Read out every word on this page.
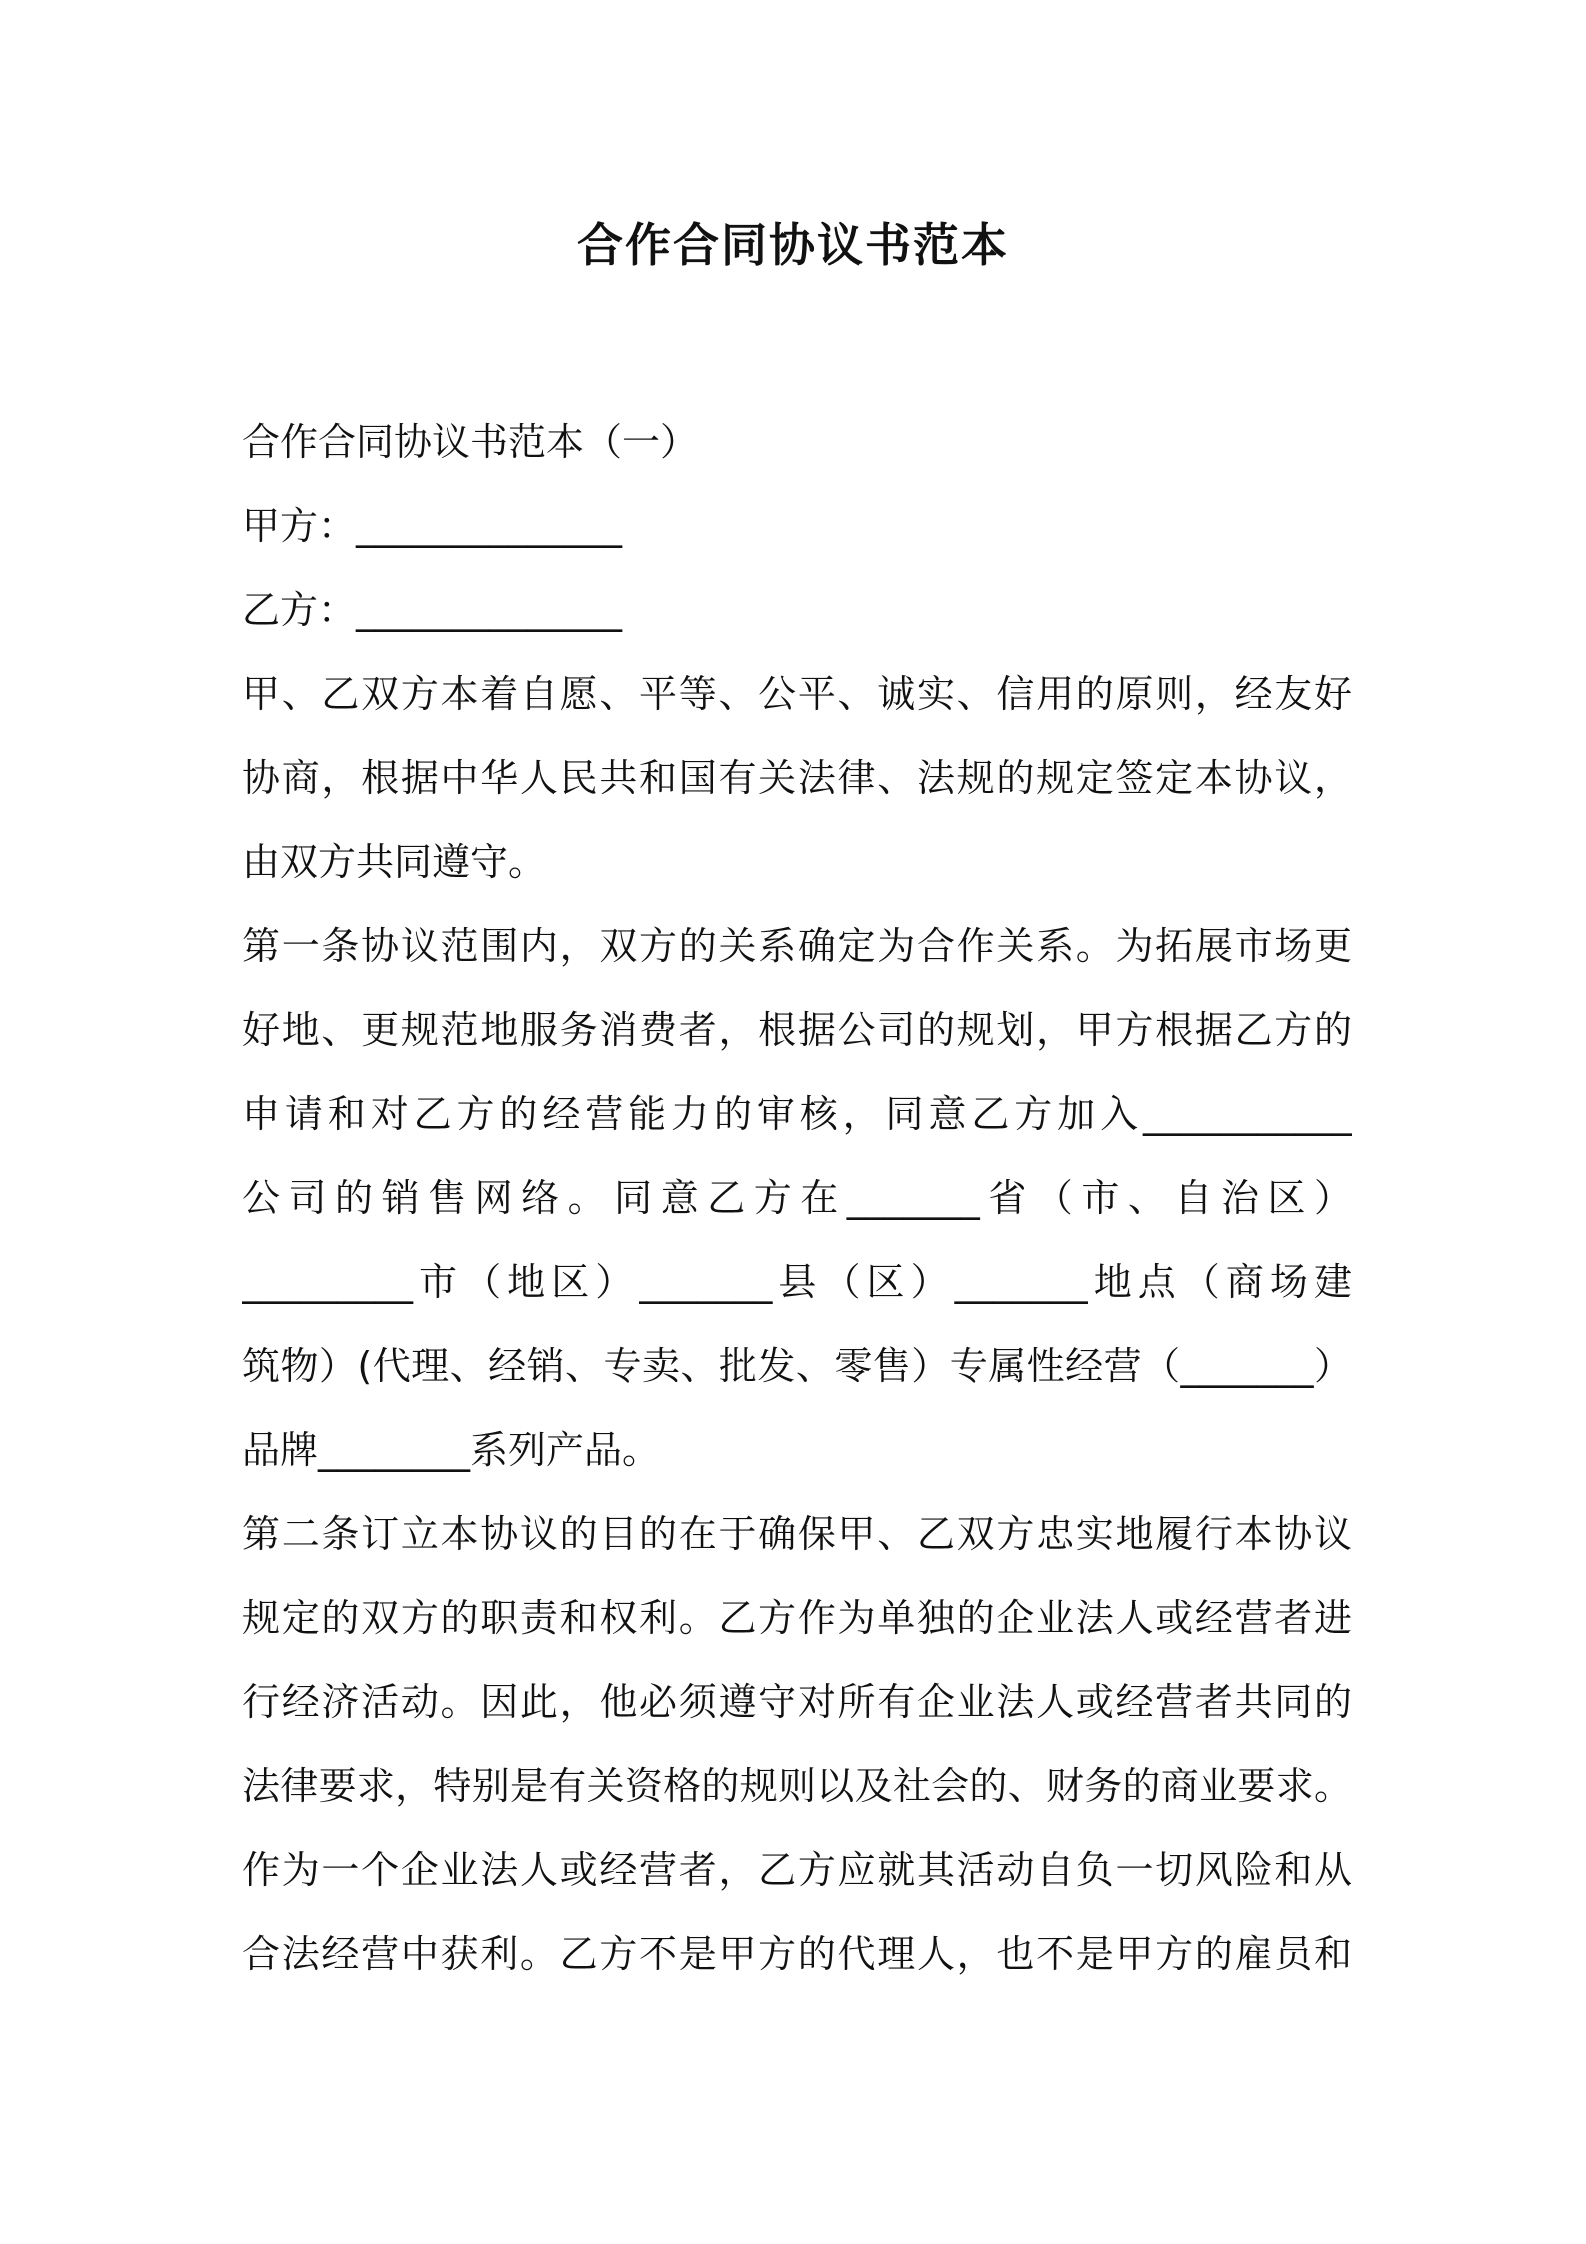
合作合同协议书范本

合作合同协议书范本（一）

甲方：______________

乙方：______________

甲、乙双方本着自愿、平等、公平、诚实、信用的原则，经友好

协商，根据中华人民共和国有关法律、法规的规定签定本协议，

由双方共同遵守。

第一条协议范围内，双方的关系确定为合作关系。为拓展市场更

好地、更规范地服务消费者，根据公司的规划，甲方根据乙方的

申请和对乙方的经营能力的审核，同意乙方加入___________

公司的销售网络。同意乙方在_______省（市、自治区）

_________市（地区）_______县（区）_______地点（商场建

筑物）(代理、经销、专卖、批发、零售）专属性经营（_______）

品牌________系列产品。

第二条订立本协议的目的在于确保甲、乙双方忠实地履行本协议

规定的双方的职责和权利。乙方作为单独的企业法人或经营者进

行经济活动。因此，他必须遵守对所有企业法人或经营者共同的

法律要求，特别是有关资格的规则以及社会的、财务的商业要求。

作为一个企业法人或经营者，乙方应就其活动自负一切风险和从

合法经营中获利。乙方不是甲方的代理人，也不是甲方的雇员和
